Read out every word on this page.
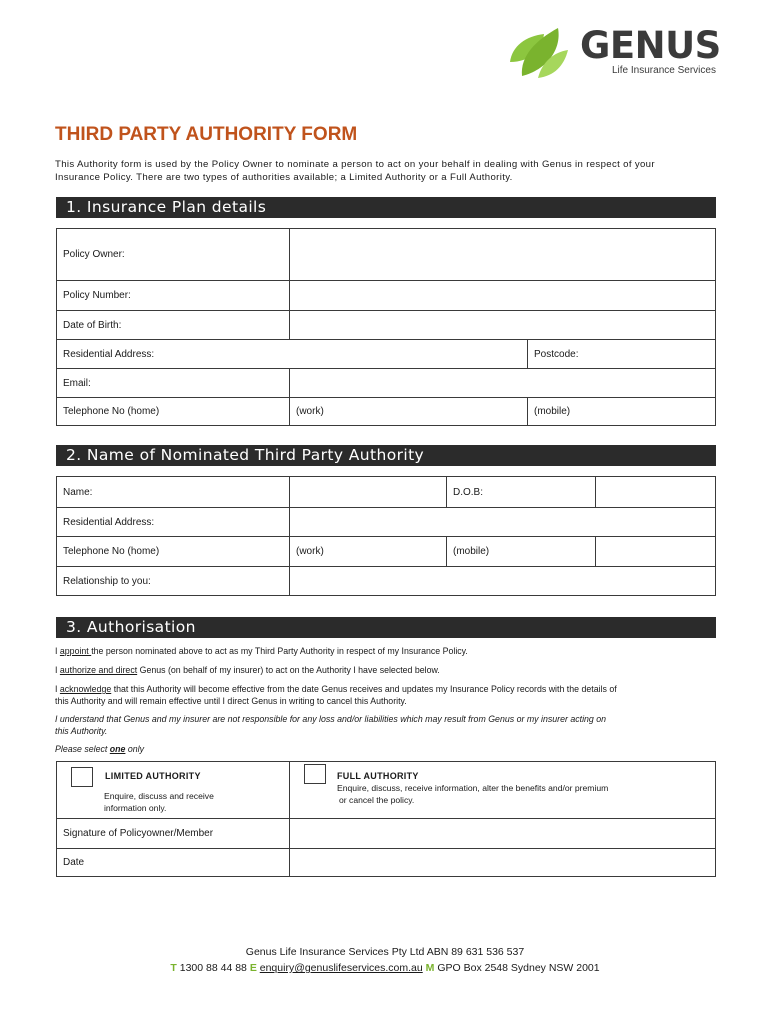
GENUS
Life Insurance Services
THIRD PARTY AUTHORITY FORM
This Authority form is used by the Policy Owner to nominate a person to act on your behalf in dealing with Genus in respect of your
Insurance Policy. There are two types of authorities available; a Limited Authority or a Full Authority.
1. Insurance Plan details
Policy Owner:
Policy Number:
Date of Birth:
Residential Address:	Postcode:
Email:
Telephone No (home)	(work)	(mobile)
2. Name of Nominated Third Party Authority
Name:	D.O.B:
Residential Address:
Telephone No (home)	(work)	(mobile)
Relationship to you:
3. Authorisation
I appoint the person nominated above to act as my Third Party Authority in respect of my Insurance Policy.
I authorize and direct Genus (on behalf of my insurer) to act on the Authority I have selected below.
I acknowledge that this Authority will become effective from the date Genus receives and updates my Insurance Policy records with the details of
this Authority and will remain effective until I direct Genus in writing to cancel this Authority.
I understand that Genus and my insurer are not responsible for any loss and/or liabilities which may result from Genus or my insurer acting on
this Authority.
Please select one only
LIMITED AUTHORITY
Enquire, discuss and receive
information only.
FULL AUTHORITY
Enquire, discuss, receive information, alter the benefits and/or premium
or cancel the policy.
Signature of Policyowner/Member
Date
Genus Life Insurance Services Pty Ltd ABN 89 631 536 537
T 1300 88 44 88 E enquiry@genuslifeservices.com.au M GPO Box 2548 Sydney NSW 2001
